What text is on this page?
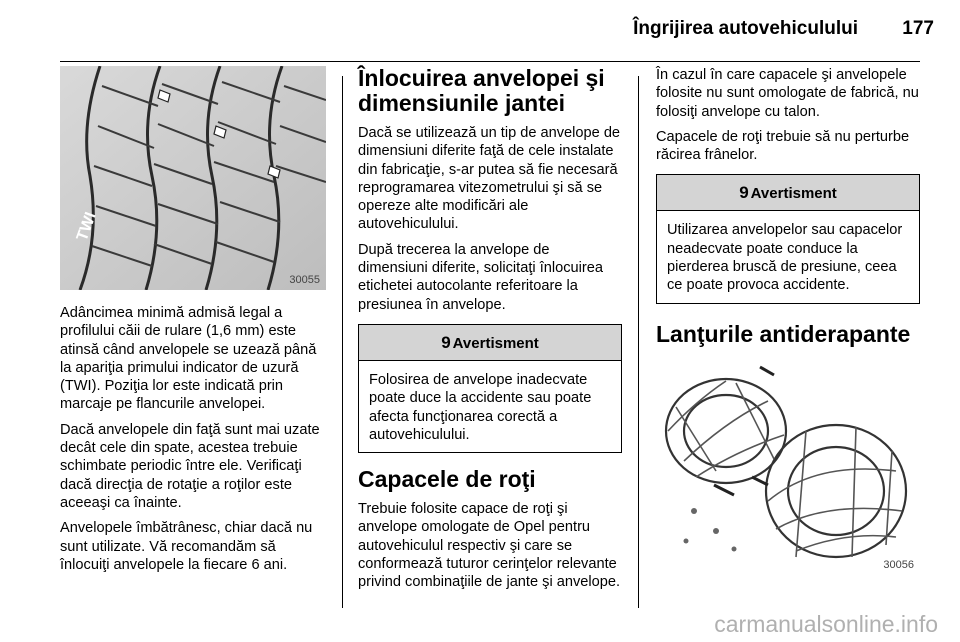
Îngrijirea autovehiculului 177
TWI
30055

Adâncimea minimă admisă legal a profilului căii de rulare (1,6 mm) este atinsă când anvelopele se uzează până la apariţia primului indicator de uzură (TWI). Poziţia lor este indicată prin marcaje pe flancurile anvelopei.

Dacă anvelopele din faţă sunt mai uzate decât cele din spate, acestea trebuie schimbate periodic între ele. Verificaţi dacă direcţia de rotaţie a roţilor este aceeaşi ca înainte.

Anvelopele îmbătrânesc, chiar dacă nu sunt utilizate. Vă recomandăm să înlocuiţi anvelopele la fiecare 6 ani.

Înlocuirea anvelopei şi dimensiunile jantei

Dacă se utilizează un tip de anvelope de dimensiuni diferite faţă de cele instalate din fabricaţie, s-ar putea să fie necesară reprogramarea vitezometrului şi să se opereze alte modificări ale autovehiculului.

După trecerea la anvelope de dimensiuni diferite, solicitaţi înlocuirea etichetei autocolante referitoare la presiunea în anvelope.

9 Avertisment
Folosirea de anvelope inadecvate poate duce la accidente sau poate afecta funcţionarea corectă a autovehiculului.
Capacele de roţi

Trebuie folosite capace de roţi şi anvelope omologate de Opel pentru autovehiculul respectiv şi care se conformează tuturor cerinţelor relevante privind combinaţiile de jante şi anvelope.

În cazul în care capacele şi anvelopele folosite nu sunt omologate de fabrică, nu folosiţi anvelope cu talon.

Capacele de roţi trebuie să nu perturbe răcirea frânelor.

9 Avertisment
Utilizarea anvelopelor sau capacelor neadecvate poate conduce la pierderea bruscă de presiune, ceea ce poate provoca accidente.
Lanţurile antiderapante
30056
carmanualsonline.info
